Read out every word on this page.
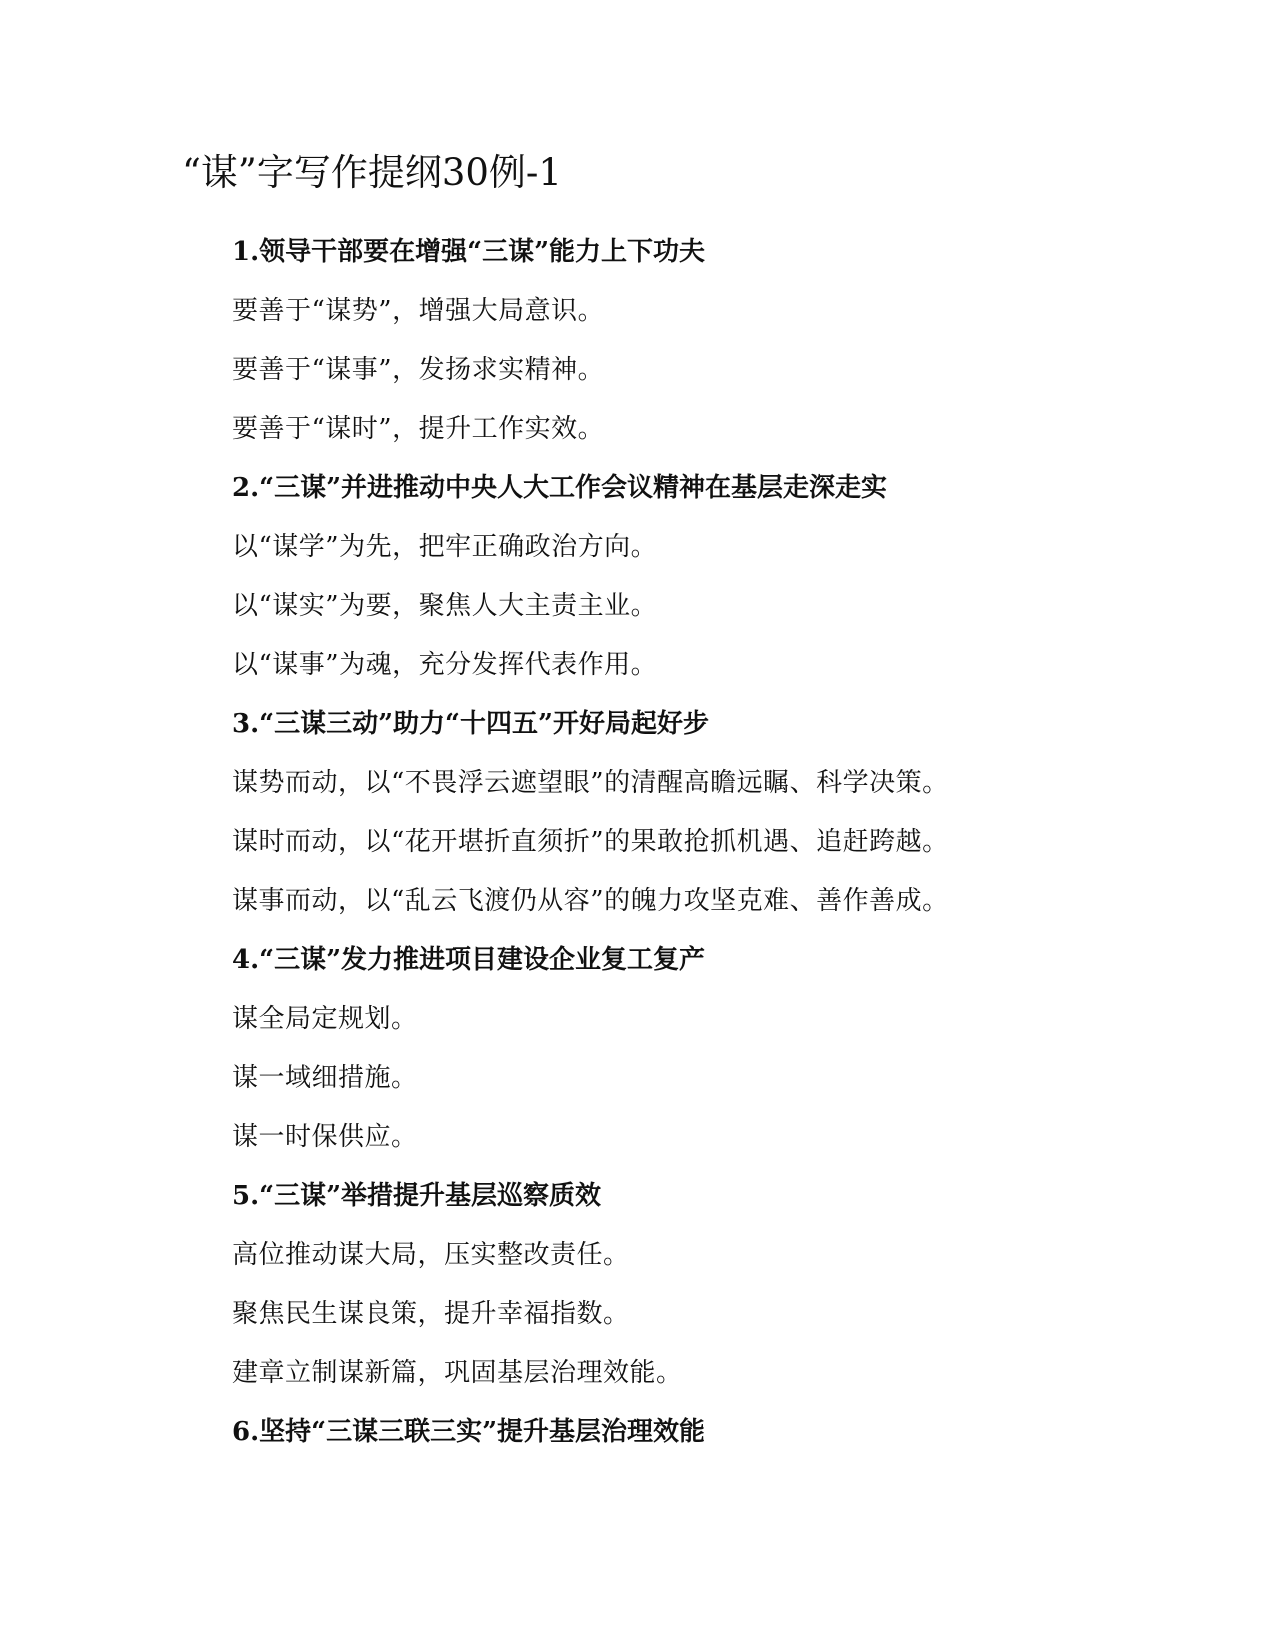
“谋”字写作提纲30例-1
1.领导干部要在增强“三谋”能力上下功夫
要善于“谋势”，增强大局意识。
要善于“谋事”，发扬求实精神。
要善于“谋时”，提升工作实效。
2.“三谋”并进推动中央人大工作会议精神在基层走深走实
以“谋学”为先，把牢正确政治方向。
以“谋实”为要，聚焦人大主责主业。
以“谋事”为魂，充分发挥代表作用。
3.“三谋三动”助力“十四五”开好局起好步
谋势而动，以“不畏浮云遮望眼”的清醒高瞻远瞩、科学决策。
谋时而动，以“花开堪折直须折”的果敢抢抓机遇、追赶跨越。
谋事而动，以“乱云飞渡仍从容”的魄力攻坚克难、善作善成。
4.“三谋”发力推进项目建设企业复工复产
谋全局定规划。
谋一域细措施。
谋一时保供应。
5.“三谋”举措提升基层巡察质效
高位推动谋大局，压实整改责任。
聚焦民生谋良策，提升幸福指数。
建章立制谋新篇，巩固基层治理效能。
6.坚持“三谋三联三实”提升基层治理效能
